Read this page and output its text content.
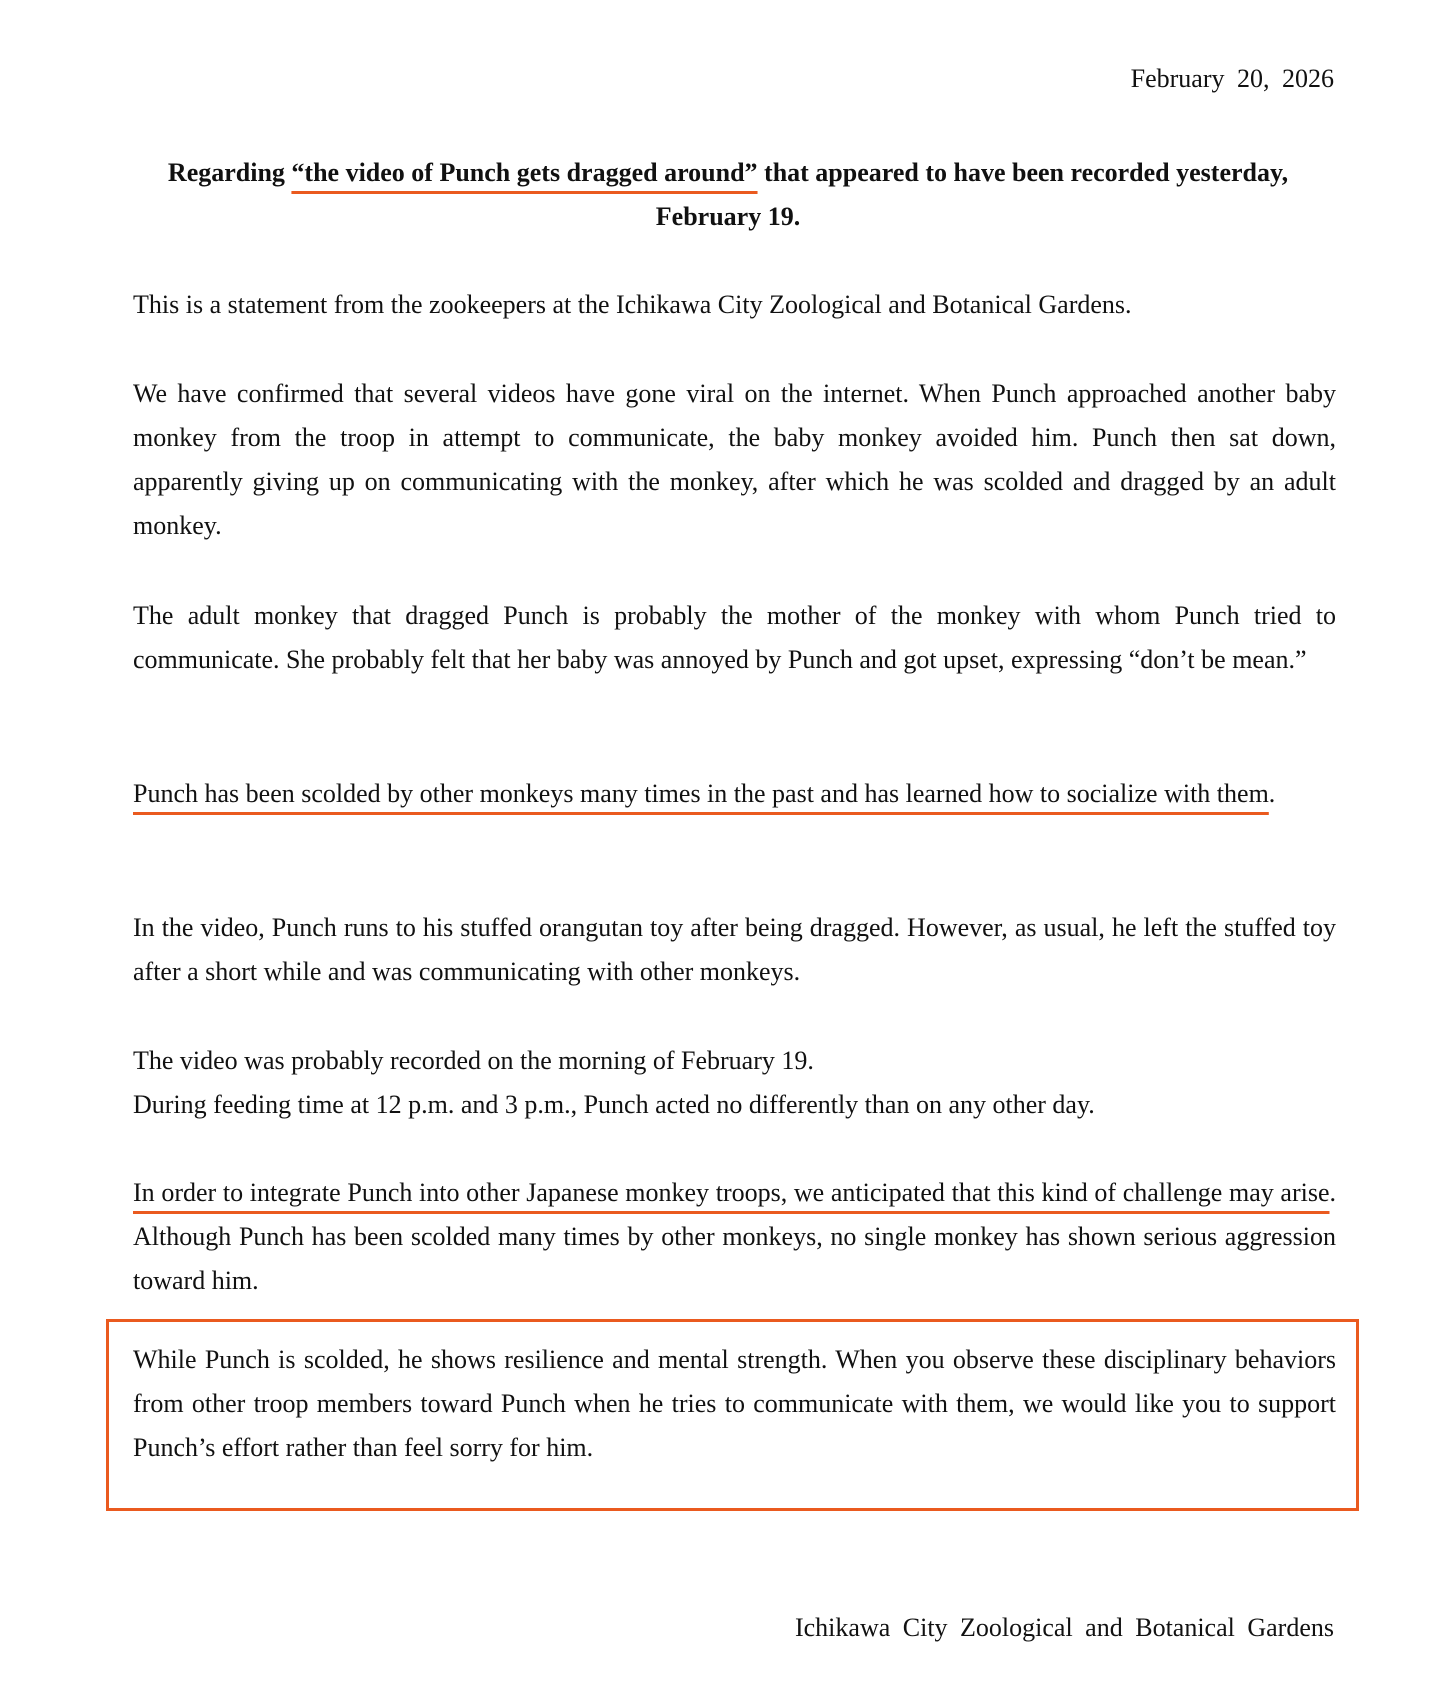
February 20, 2026
Regarding “the video of Punch gets dragged around” that appeared to have been recorded yesterday, February 19.
This is a statement from the zookeepers at the Ichikawa City Zoological and Botanical Gardens.
We have confirmed that several videos have gone viral on the internet. When Punch approached another baby monkey from the troop in attempt to communicate, the baby monkey avoided him. Punch then sat down, apparently giving up on communicating with the monkey, after which he was scolded and dragged by an adult monkey.
The adult monkey that dragged Punch is probably the mother of the monkey with whom Punch tried to communicate. She probably felt that her baby was annoyed by Punch and got upset, expressing “don’t be mean.”
Punch has been scolded by other monkeys many times in the past and has learned how to socialize with them.
In the video, Punch runs to his stuffed orangutan toy after being dragged. However, as usual, he left the stuffed toy after a short while and was communicating with other monkeys.
The video was probably recorded on the morning of February 19.
During feeding time at 12 p.m. and 3 p.m., Punch acted no differently than on any other day.
In order to integrate Punch into other Japanese monkey troops, we anticipated that this kind of challenge may arise. Although Punch has been scolded many times by other monkeys, no single monkey has shown serious aggression toward him.
While Punch is scolded, he shows resilience and mental strength. When you observe these disciplinary behaviors from other troop members toward Punch when he tries to communicate with them, we would like you to support Punch’s effort rather than feel sorry for him.
Ichikawa City Zoological and Botanical Gardens
